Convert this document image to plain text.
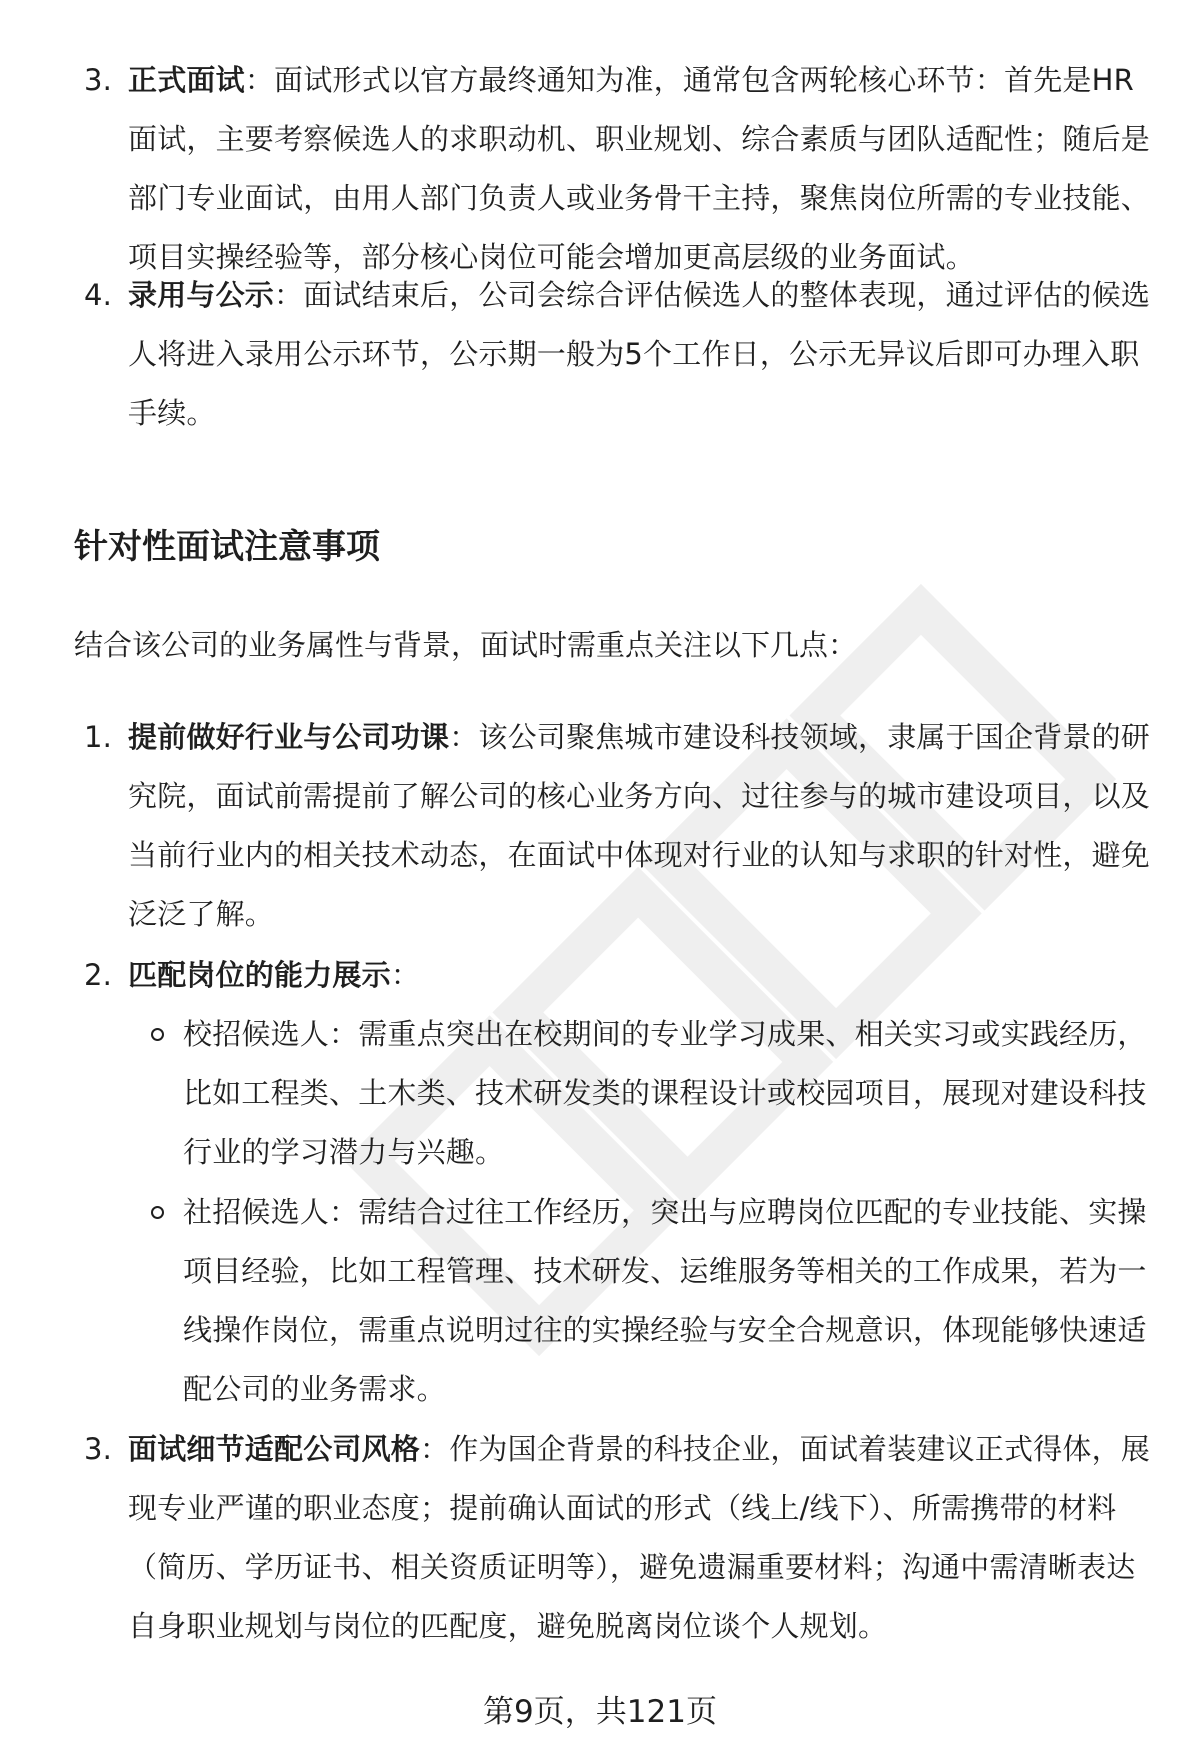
3. 正式面试：面试形式以官方最终通知为准，通常包含两轮核心环节：首先是HR面试，主要考察候选人的求职动机、职业规划、综合素质与团队适配性；随后是部门专业面试，由用人部门负责人或业务骨干主持，聚焦岗位所需的专业技能、项目实操经验等，部分核心岗位可能会增加更高层级的业务面试。
4. 录用与公示：面试结束后，公司会综合评估候选人的整体表现，通过评估的候选人将进入录用公示环节，公示期一般为5个工作日，公示无异议后即可办理入职手续。
针对性面试注意事项
结合该公司的业务属性与背景，面试时需重点关注以下几点：
1. 提前做好行业与公司功课：该公司聚焦城市建设科技领域，隶属于国企背景的研究院，面试前需提前了解公司的核心业务方向、过往参与的城市建设项目，以及当前行业内的相关技术动态，在面试中体现对行业的认知与求职的针对性，避免泛泛了解。
2. 匹配岗位的能力展示：
校招候选人：需重点突出在校期间的专业学习成果、相关实习或实践经历，比如工程类、土木类、技术研发类的课程设计或校园项目，展现对建设科技行业的学习潜力与兴趣。
社招候选人：需结合过往工作经历，突出与应聘岗位匹配的专业技能、实操项目经验，比如工程管理、技术研发、运维服务等相关的工作成果，若为一线操作岗位，需重点说明过往的实操经验与安全合规意识，体现能够快速适配公司的业务需求。
3. 面试细节适配公司风格：作为国企背景的科技企业，面试着装建议正式得体，展现专业严谨的职业态度；提前确认面试的形式（线上/线下）、所需携带的材料（简历、学历证书、相关资质证明等），避免遗漏重要材料；沟通中需清晰表达自身职业规划与岗位的匹配度，避免脱离岗位谈个人规划。
第9页，共121页
